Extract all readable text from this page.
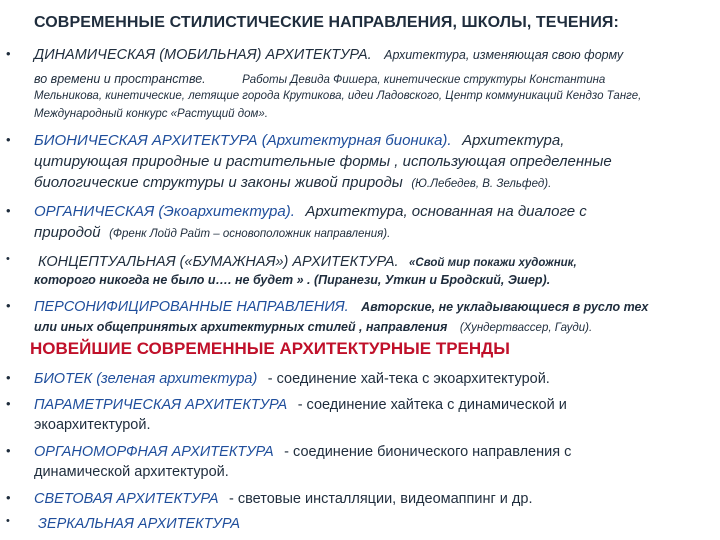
СОВРЕМЕННЫЕ СТИЛИСТИЧЕСКИЕ НАПРАВЛЕНИЯ, ШКОЛЫ, ТЕЧЕНИЯ:
• ДИНАМИЧЕСКАЯ (МОБИЛЬНАЯ) АРХИТЕКТУРА. Архитектура, изменяющая свою форму
во времени и пространстве.	Работы Девида Фишера, кинетические структуры Константина
Мельникова, кинетические, летящие города Крутикова, идеи Ладовского, Центр коммуникаций Кендзо Танге,
Международный конкурс «Растущий дом».
• БИОНИЧЕСКАЯ АРХИТЕКТУРА (Архитектурная бионика). Архитектура,
цитирующая природные и растительные формы , использующая определенные
биологические структуры и законы живой природы (Ю.Лебедев, В. Зельфед).
• ОРГАНИЧЕСКАЯ (Экоархитектура). Архитектура, основанная на диалоге с
природой (Френк Лойд Райт – основоположник направления).
• КОНЦЕПТУАЛЬНАЯ («БУМАЖНАЯ») АРХИТЕКТУРА. «Свой мир покажи художник,
которого никогда не было и…. не будет » . (Пиранези, Уткин и Бродский, Эшер).
• ПЕРСОНИФИЦИРОВАННЫЕ НАПРАВЛЕНИЯ. Авторские, не укладывающиеся в русло тех
или иных общепринятых архитектурных стилей , направления (Хундертвассер, Гауди).
НОВЕЙШИЕ СОВРЕМЕННЫЕ АРХИТЕКТУРНЫЕ ТРЕНДЫ
• БИОТЕК (зеленая архитектура) - соединение хай-тека с экоархитектурой.
• ПАРАМЕТРИЧЕСКАЯ АРХИТЕКТУРА - соединение хайтека с динамической и
экоархитектурой.
• ОРГАНОМОРФНАЯ АРХИТЕКТУРА - соединение бионического направления с
динамической архитектурой.
• СВЕТОВАЯ АРХИТЕКТУРА - световые инсталляции, видеомаппинг и др.
• ЗЕРКАЛЬНАЯ АРХИТЕКТУРА
